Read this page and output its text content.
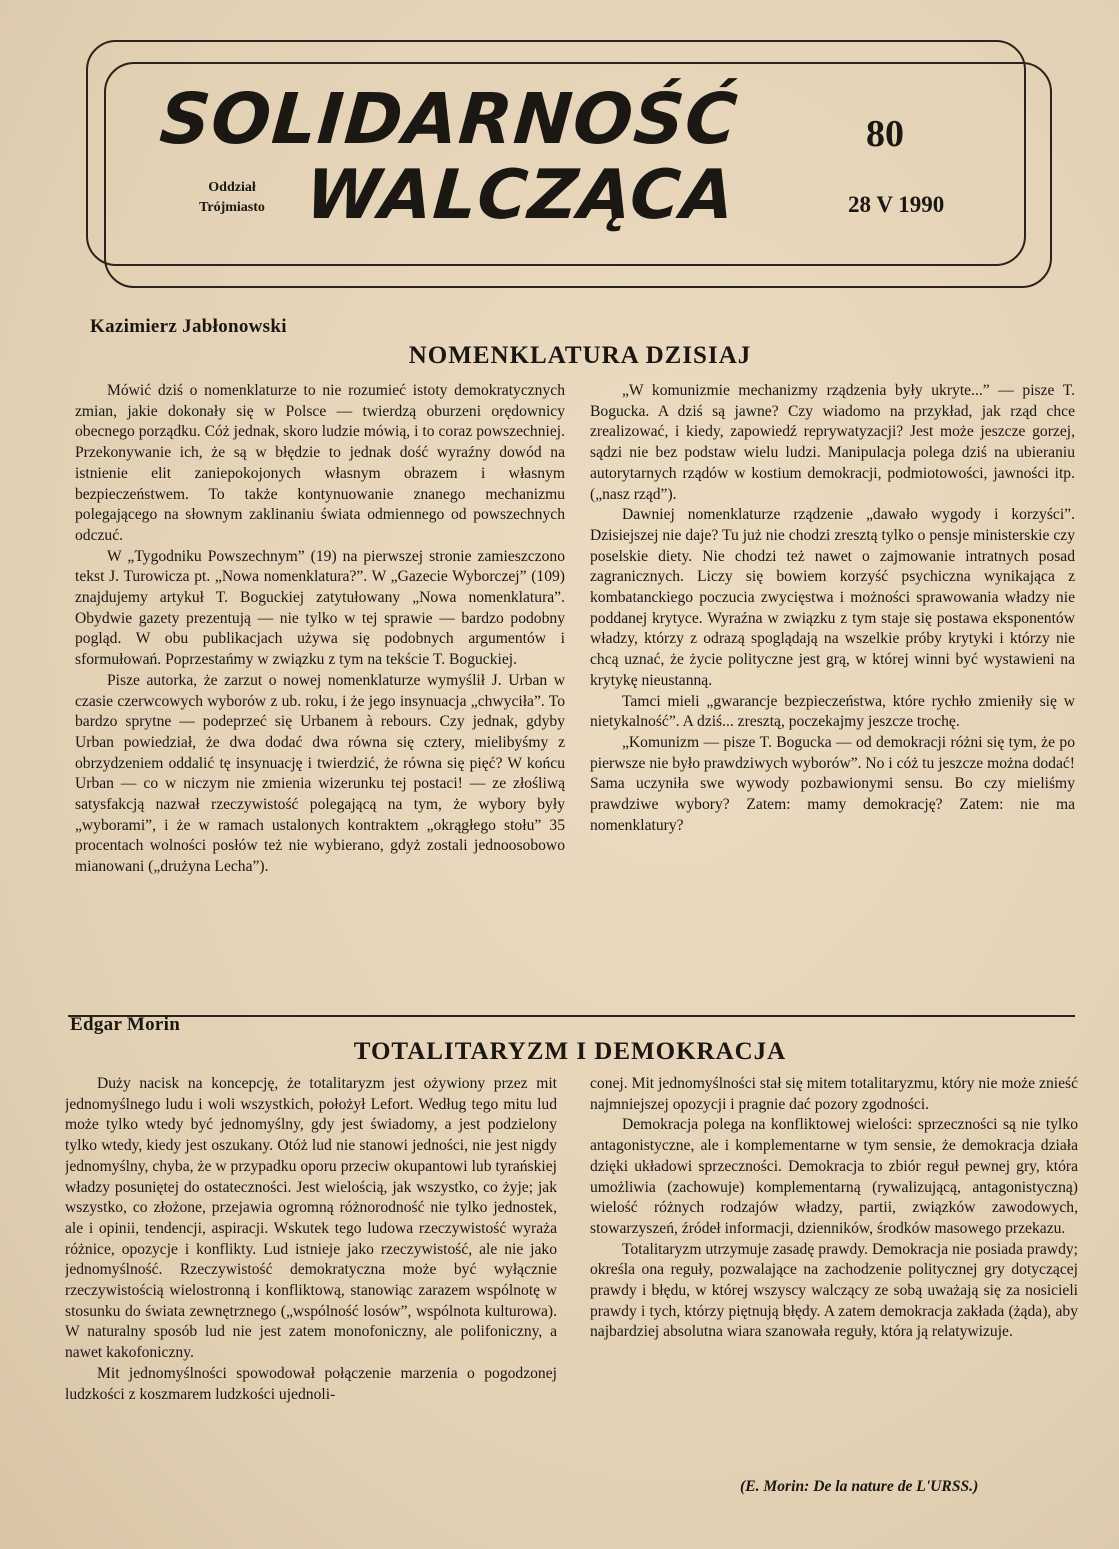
SOLIDARNOŚĆ
WALCZĄCA
Oddział
Trójmiasto
80
28 V 1990
Kazimierz Jabłonowski
NOMENKLATURA DZISIAJ

Mówić dziś o nomenklaturze to nie rozumieć istoty demokratycznych zmian, jakie dokonały się w Polsce — twierdzą oburzeni orędownicy obecnego porządku. Cóż jednak, skoro ludzie mówią, i to coraz powszechniej. Przekonywanie ich, że są w błędzie to jednak dość wyraźny dowód na istnienie elit zaniepokojonych własnym obrazem i własnym bezpieczeństwem. To także kontynuowanie znanego mechanizmu polegającego na słownym zaklinaniu świata odmiennego od powszechnych odczuć.

W „Tygodniku Powszechnym” (19) na pierwszej stronie zamieszczono tekst J. Turowicza pt. „Nowa nomenklatura?”. W „Gazecie Wyborczej” (109) znajdujemy artykuł T. Boguckiej zatytułowany „Nowa nomenklatura”. Obydwie gazety prezentują — nie tylko w tej sprawie — bardzo podobny pogląd. W obu publikacjach używa się podobnych argumentów i sformułowań. Poprzestańmy w związku z tym na tekście T. Boguckiej.

Pisze autorka, że zarzut o nowej nomenklaturze wymyślił J. Urban w czasie czerwcowych wyborów z ub. roku, i że jego insynuacja „chwyciła”. To bardzo sprytne — podeprzeć się Urbanem à rebours. Czy jednak, gdyby Urban powiedział, że dwa dodać dwa równa się cztery, mielibyśmy z obrzydzeniem oddalić tę insynuację i twierdzić, że równa się pięć? W końcu Urban — co w niczym nie zmienia wizerunku tej postaci! — ze złośliwą satysfakcją nazwał rzeczywistość polegającą na tym, że wybory były „wyborami”, i że w ramach ustalonych kontraktem „okrągłego stołu” 35 procentach wolności posłów też nie wybierano, gdyż zostali jednoosobowo mianowani („drużyna Lecha”).

„W komunizmie mechanizmy rządzenia były ukryte...” — pisze T. Bogucka. A dziś są jawne? Czy wiadomo na przykład, jak rząd chce zrealizować, i kiedy, zapowiedź reprywatyzacji? Jest może jeszcze gorzej, sądzi nie bez podstaw wielu ludzi. Manipulacja polega dziś na ubieraniu autorytarnych rządów w kostium demokracji, podmiotowości, jawności itp. („nasz rząd”).

Dawniej nomenklaturze rządzenie „dawało wygody i korzyści”. Dzisiejszej nie daje? Tu już nie chodzi zresztą tylko o pensje ministerskie czy poselskie diety. Nie chodzi też nawet o zajmowanie intratnych posad zagranicznych. Liczy się bowiem korzyść psychiczna wynikająca z kombatanckiego poczucia zwycięstwa i możności sprawowania władzy nie poddanej krytyce. Wyraźna w związku z tym staje się postawa eksponentów władzy, którzy z odrazą spoglądają na wszelkie próby krytyki i którzy nie chcą uznać, że życie polityczne jest grą, w której winni być wystawieni na krytykę nieustanną.

Tamci mieli „gwarancje bezpieczeństwa, które rychło zmieniły się w nietykalność”. A dziś... zresztą, poczekajmy jeszcze trochę.

„Komunizm — pisze T. Bogucka — od demokracji różni się tym, że po pierwsze nie było prawdziwych wyborów”. No i cóż tu jeszcze można dodać! Sama uczyniła swe wywody pozbawionymi sensu. Bo czy mieliśmy prawdziwe wybory? Zatem: mamy demokrację? Zatem: nie ma nomenklatury?

Edgar Morin
TOTALITARYZM I DEMOKRACJA

Duży nacisk na koncepcję, że totalitaryzm jest ożywiony przez mit jednomyślnego ludu i woli wszystkich, położył Lefort. Według tego mitu lud może tylko wtedy być jednomyślny, gdy jest świadomy, a jest podzielony tylko wtedy, kiedy jest oszukany. Otóż lud nie stanowi jedności, nie jest nigdy jednomyślny, chyba, że w przypadku oporu przeciw okupantowi lub tyrańskiej władzy posuniętej do ostateczności. Jest wielością, jak wszystko, co żyje; jak wszystko, co złożone, przejawia ogromną różnorodność nie tylko jednostek, ale i opinii, tendencji, aspiracji. Wskutek tego ludowa rzeczywistość wyraża różnice, opozycje i konflikty. Lud istnieje jako rzeczywistość, ale nie jako jednomyślność. Rzeczywistość demokratyczna może być wyłącznie rzeczywistością wielostronną i konfliktową, stanowiąc zarazem wspólnotę w stosunku do świata zewnętrznego („wspólność losów”, wspólnota kulturowa). W naturalny sposób lud nie jest zatem monofoniczny, ale polifoniczny, a nawet kakofoniczny.

Mit jednomyślności spowodował połączenie marzenia o pogodzonej ludzkości z koszmarem ludzkości ujednoli-

conej. Mit jednomyślności stał się mitem totalitaryzmu, który nie może znieść najmniejszej opozycji i pragnie dać pozory zgodności.

Demokracja polega na konfliktowej wielości: sprzeczności są nie tylko antagonistyczne, ale i komplementarne w tym sensie, że demokracja działa dzięki układowi sprzeczności. Demokracja to zbiór reguł pewnej gry, która umożliwia (zachowuje) komplementarną (rywalizującą, antagonistyczną) wielość różnych rodzajów władzy, partii, związków zawodowych, stowarzyszeń, źródeł informacji, dzienników, środków masowego przekazu.

Totalitaryzm utrzymuje zasadę prawdy. Demokracja nie posiada prawdy; określa ona reguły, pozwalające na zachodzenie politycznej gry dotyczącej prawdy i błędu, w której wszyscy walczący ze sobą uważają się za nosicieli prawdy i tych, którzy piętnują błędy. A zatem demokracja zakłada (żąda), aby najbardziej absolutna wiara szanowała reguły, która ją relatywizuje.

(E. Morin: De la nature de L'URSS.)
